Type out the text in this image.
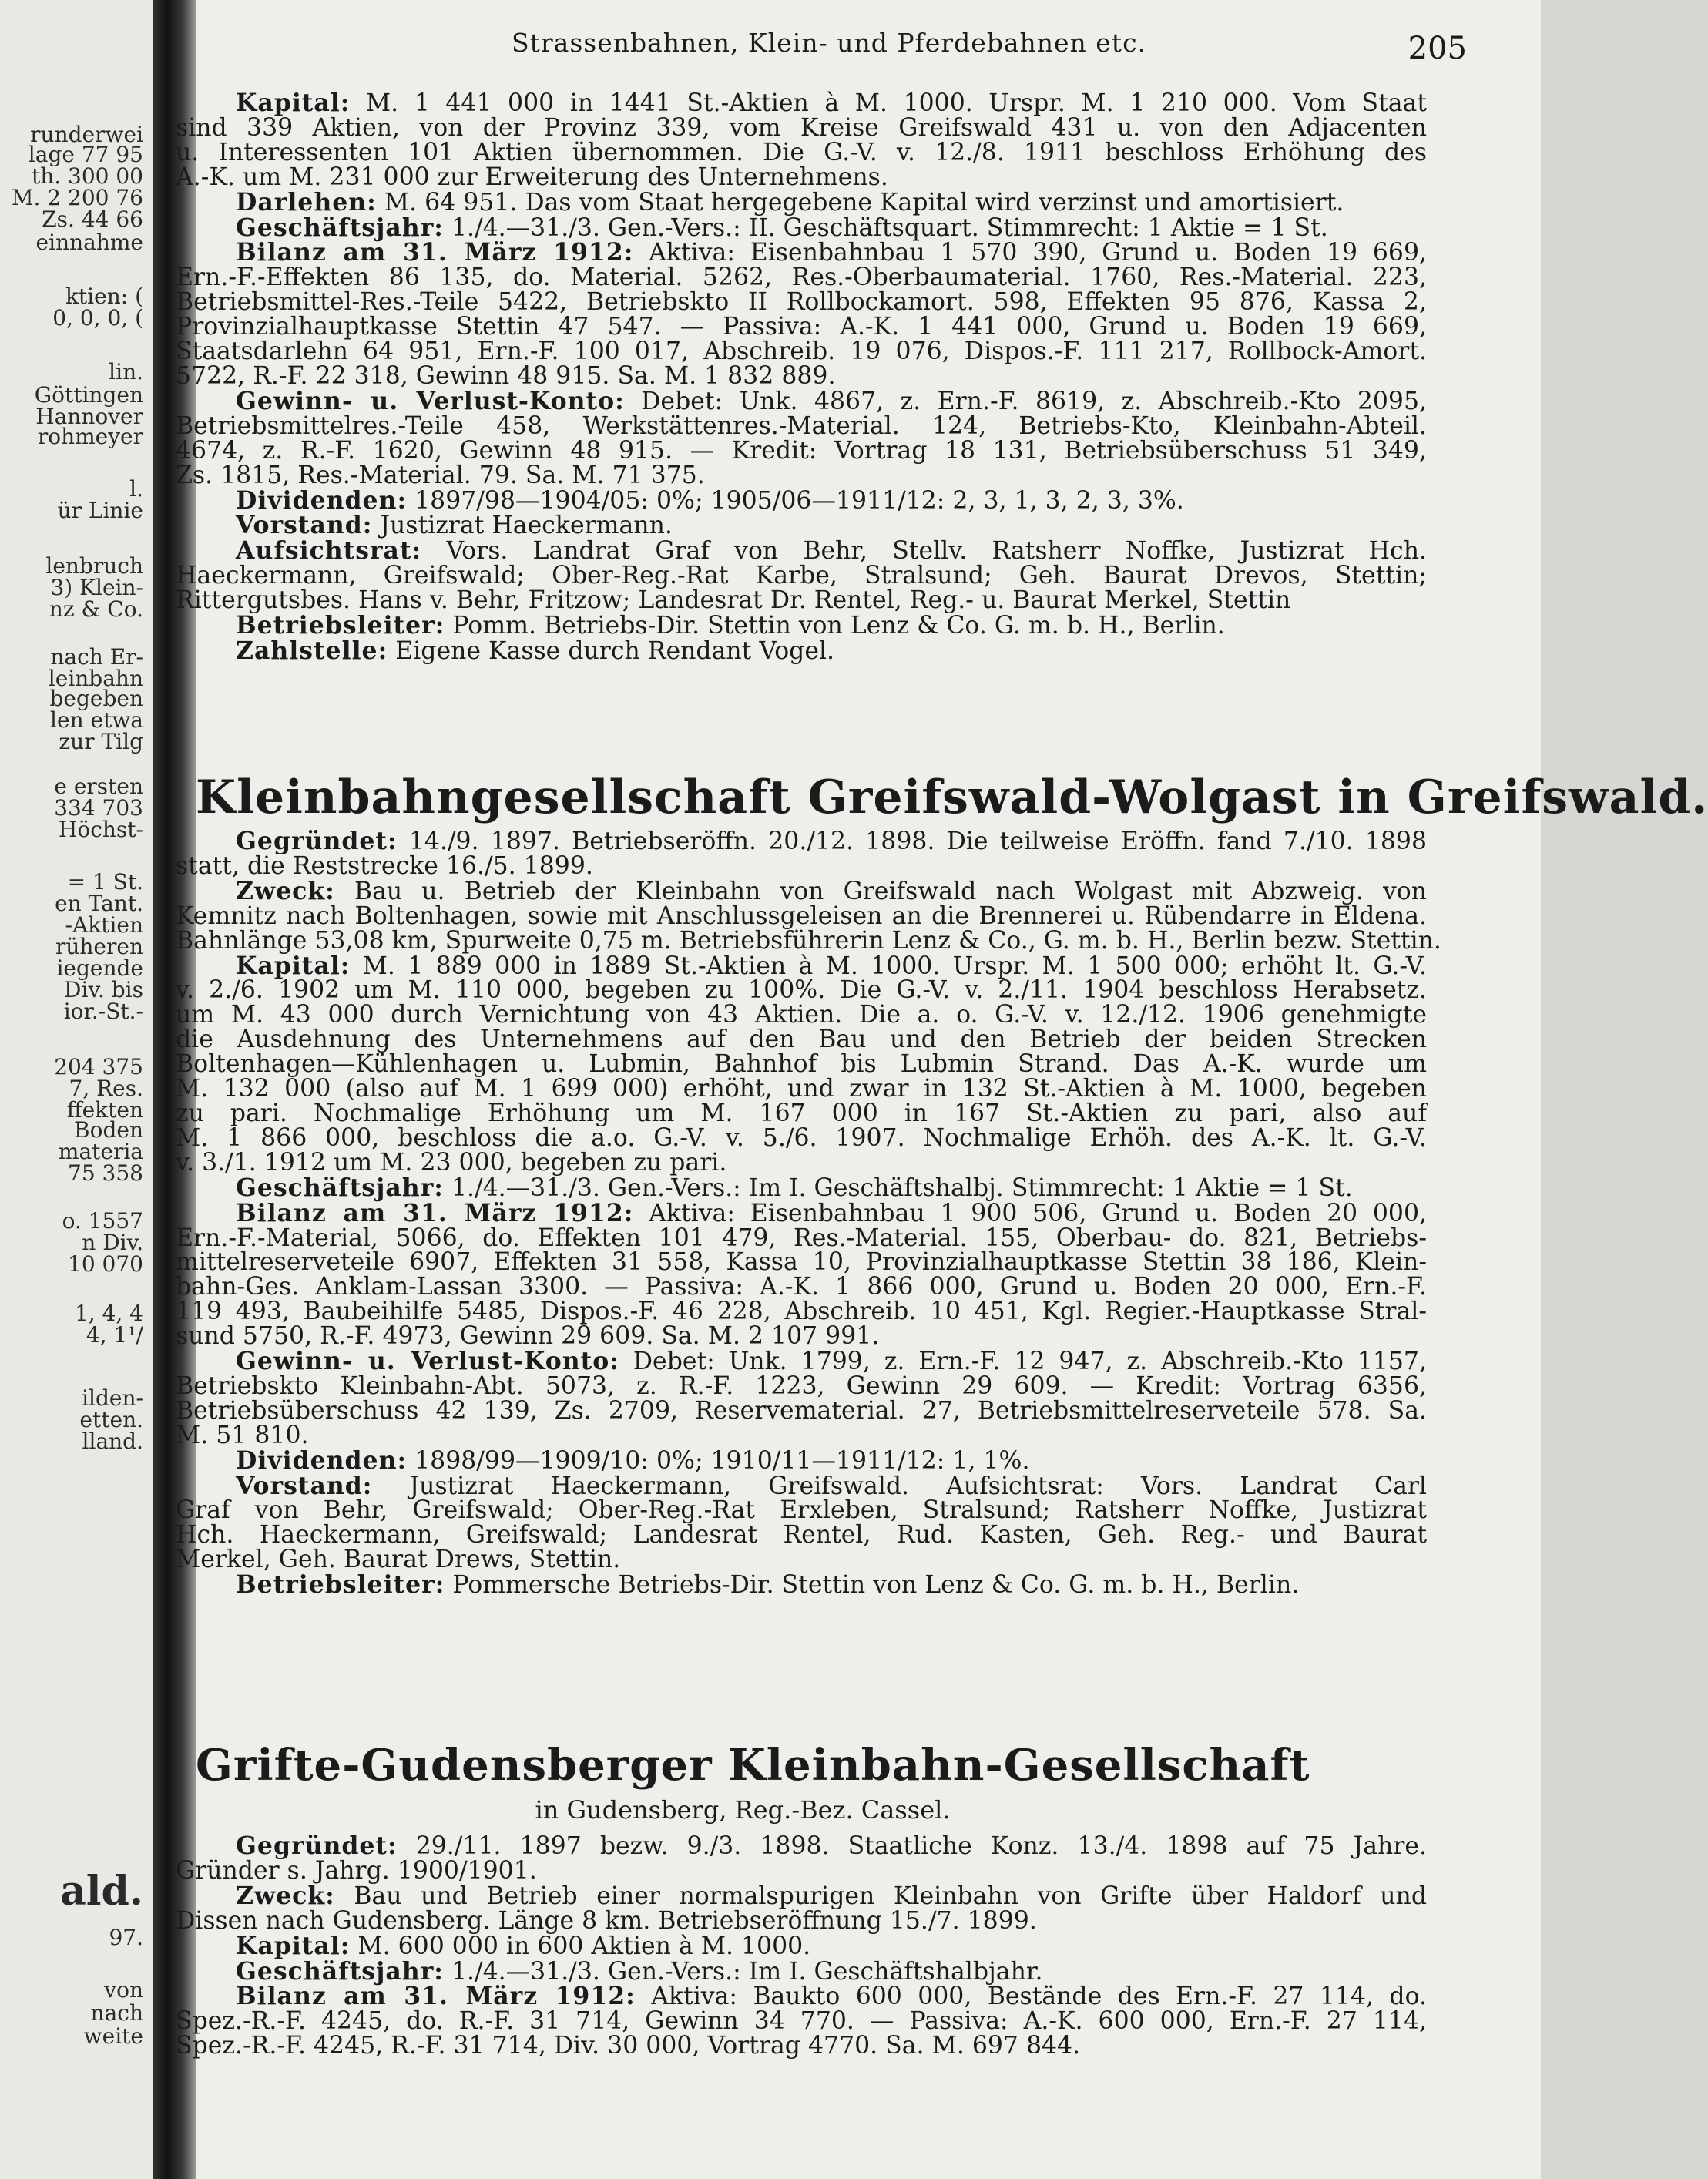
runderwei
lage 77 95
th. 300 00
M. 2 200 76
Zs. 44 66
einnahme
ktien: (
0, 0, 0, (
lin.
Göttingen
Hannover
rohmeyer
l.
ür Linie
lenbruch
3) Klein-
nz & Co.
nach Er-
leinbahn
begeben
len etwa
zur Tilg
e ersten
334 703
Höchst-
= 1 St.
en Tant.
-Aktien
rüheren
iegende
Div. bis
ior.-St.-
204 375
7, Res.
ffekten
Boden
materia
75 358
o. 1557
n Div.
10 070
1, 4, 4
4, 1¹/
ilden-
etten.
lland.
ald.
97.
von
nach
weite
Strassenbahnen, Klein- und Pferdebahnen etc.	205

Kapital: M. 1 441 000 in 1441 St.-Aktien à M. 1000. Urspr. M. 1 210 000. Vom Staat

sind 339 Aktien, von der Provinz 339, vom Kreise Greifswald 431 u. von den Adjacenten

u. Interessenten 101 Aktien übernommen. Die G.-V. v. 12./8. 1911 beschloss Erhöhung des

A.-K. um M. 231 000 zur Erweiterung des Unternehmens.

Darlehen: M. 64 951. Das vom Staat hergegebene Kapital wird verzinst und amortisiert.

Geschäftsjahr: 1./4.—31./3. Gen.-Vers.: II. Geschäftsquart. Stimmrecht: 1 Aktie = 1 St.

Bilanz am 31. März 1912: Aktiva: Eisenbahnbau 1 570 390, Grund u. Boden 19 669,

Ern.-F.-Effekten 86 135, do. Material. 5262, Res.-Oberbaumaterial. 1760, Res.-Material. 223,

Betriebsmittel-Res.-Teile 5422, Betriebskto II Rollbockamort. 598, Effekten 95 876, Kassa 2,

Provinzialhauptkasse Stettin 47 547. — Passiva: A.-K. 1 441 000, Grund u. Boden 19 669,

Staatsdarlehn 64 951, Ern.-F. 100 017, Abschreib. 19 076, Dispos.-F. 111 217, Rollbock-Amort.

5722, R.-F. 22 318, Gewinn 48 915. Sa. M. 1 832 889.

Gewinn- u. Verlust-Konto: Debet: Unk. 4867, z. Ern.-F. 8619, z. Abschreib.-Kto 2095,

Betriebsmittelres.-Teile 458, Werkstättenres.-Material. 124, Betriebs-Kto, Kleinbahn-Abteil.

4674, z. R.-F. 1620, Gewinn 48 915. — Kredit: Vortrag 18 131, Betriebsüberschuss 51 349,

Zs. 1815, Res.-Material. 79. Sa. M. 71 375.

Dividenden: 1897/98—1904/05: 0%; 1905/06—1911/12: 2, 3, 1, 3, 2, 3, 3%.

Vorstand: Justizrat Haeckermann.

Aufsichtsrat: Vors. Landrat Graf von Behr, Stellv. Ratsherr Noffke, Justizrat Hch.

Haeckermann, Greifswald; Ober-Reg.-Rat Karbe, Stralsund; Geh. Baurat Drevos, Stettin;

Rittergutsbes. Hans v. Behr, Fritzow; Landesrat Dr. Rentel, Reg.- u. Baurat Merkel, Stettin

Betriebsleiter: Pomm. Betriebs-Dir. Stettin von Lenz & Co. G. m. b. H., Berlin.

Zahlstelle: Eigene Kasse durch Rendant Vogel.

Kleinbahngesellschaft Greifswald-Wolgast in Greifswald.

Gegründet: 14./9. 1897. Betriebseröffn. 20./12. 1898. Die teilweise Eröffn. fand 7./10. 1898

statt, die Reststrecke 16./5. 1899.

Zweck: Bau u. Betrieb der Kleinbahn von Greifswald nach Wolgast mit Abzweig. von

Kemnitz nach Boltenhagen, sowie mit Anschlussgeleisen an die Brennerei u. Rübendarre in Eldena.

Bahnlänge 53,08 km, Spurweite 0,75 m. Betriebsführerin Lenz & Co., G. m. b. H., Berlin bezw. Stettin.

Kapital: M. 1 889 000 in 1889 St.-Aktien à M. 1000. Urspr. M. 1 500 000; erhöht lt. G.-V.

v. 2./6. 1902 um M. 110 000, begeben zu 100%. Die G.-V. v. 2./11. 1904 beschloss Herabsetz.

um M. 43 000 durch Vernichtung von 43 Aktien. Die a. o. G.-V. v. 12./12. 1906 genehmigte

die Ausdehnung des Unternehmens auf den Bau und den Betrieb der beiden Strecken

Boltenhagen—Kühlenhagen u. Lubmin, Bahnhof bis Lubmin Strand. Das A.-K. wurde um

M. 132 000 (also auf M. 1 699 000) erhöht, und zwar in 132 St.-Aktien à M. 1000, begeben

zu pari. Nochmalige Erhöhung um M. 167 000 in 167 St.-Aktien zu pari, also auf

M. 1 866 000, beschloss die a.o. G.-V. v. 5./6. 1907. Nochmalige Erhöh. des A.-K. lt. G.-V.

v. 3./1. 1912 um M. 23 000, begeben zu pari.

Geschäftsjahr: 1./4.—31./3. Gen.-Vers.: Im I. Geschäftshalbj. Stimmrecht: 1 Aktie = 1 St.

Bilanz am 31. März 1912: Aktiva: Eisenbahnbau 1 900 506, Grund u. Boden 20 000,

Ern.-F.-Material, 5066, do. Effekten 101 479, Res.-Material. 155, Oberbau- do. 821, Betriebs-

mittelreserveteile 6907, Effekten 31 558, Kassa 10, Provinzialhauptkasse Stettin 38 186, Klein-

bahn-Ges. Anklam-Lassan 3300. — Passiva: A.-K. 1 866 000, Grund u. Boden 20 000, Ern.-F.

119 493, Baubeihilfe 5485, Dispos.-F. 46 228, Abschreib. 10 451, Kgl. Regier.-Hauptkasse Stral-

sund 5750, R.-F. 4973, Gewinn 29 609. Sa. M. 2 107 991.

Gewinn- u. Verlust-Konto: Debet: Unk. 1799, z. Ern.-F. 12 947, z. Abschreib.-Kto 1157,

Betriebskto Kleinbahn-Abt. 5073, z. R.-F. 1223, Gewinn 29 609. — Kredit: Vortrag 6356,

Betriebsüberschuss 42 139, Zs. 2709, Reservematerial. 27, Betriebsmittelreserveteile 578. Sa.

M. 51 810.

Dividenden: 1898/99—1909/10: 0%; 1910/11—1911/12: 1, 1%.

Vorstand: Justizrat Haeckermann, Greifswald. Aufsichtsrat: Vors. Landrat Carl

Graf von Behr, Greifswald; Ober-Reg.-Rat Erxleben, Stralsund; Ratsherr Noffke, Justizrat

Hch. Haeckermann, Greifswald; Landesrat Rentel, Rud. Kasten, Geh. Reg.- und Baurat

Merkel, Geh. Baurat Drews, Stettin.

Betriebsleiter: Pommersche Betriebs-Dir. Stettin von Lenz & Co. G. m. b. H., Berlin.

Grifte-Gudensberger Kleinbahn-Gesellschaft
in Gudensberg, Reg.-Bez. Cassel.

Gegründet: 29./11. 1897 bezw. 9./3. 1898. Staatliche Konz. 13./4. 1898 auf 75 Jahre.

Gründer s. Jahrg. 1900/1901.

Zweck: Bau und Betrieb einer normalspurigen Kleinbahn von Grifte über Haldorf und

Dissen nach Gudensberg. Länge 8 km. Betriebseröffnung 15./7. 1899.

Kapital: M. 600 000 in 600 Aktien à M. 1000.

Geschäftsjahr: 1./4.—31./3. Gen.-Vers.: Im I. Geschäftshalbjahr.

Bilanz am 31. März 1912: Aktiva: Baukto 600 000, Bestände des Ern.-F. 27 114, do.

Spez.-R.-F. 4245, do. R.-F. 31 714, Gewinn 34 770. — Passiva: A.-K. 600 000, Ern.-F. 27 114,

Spez.-R.-F. 4245, R.-F. 31 714, Div. 30 000, Vortrag 4770. Sa. M. 697 844.
